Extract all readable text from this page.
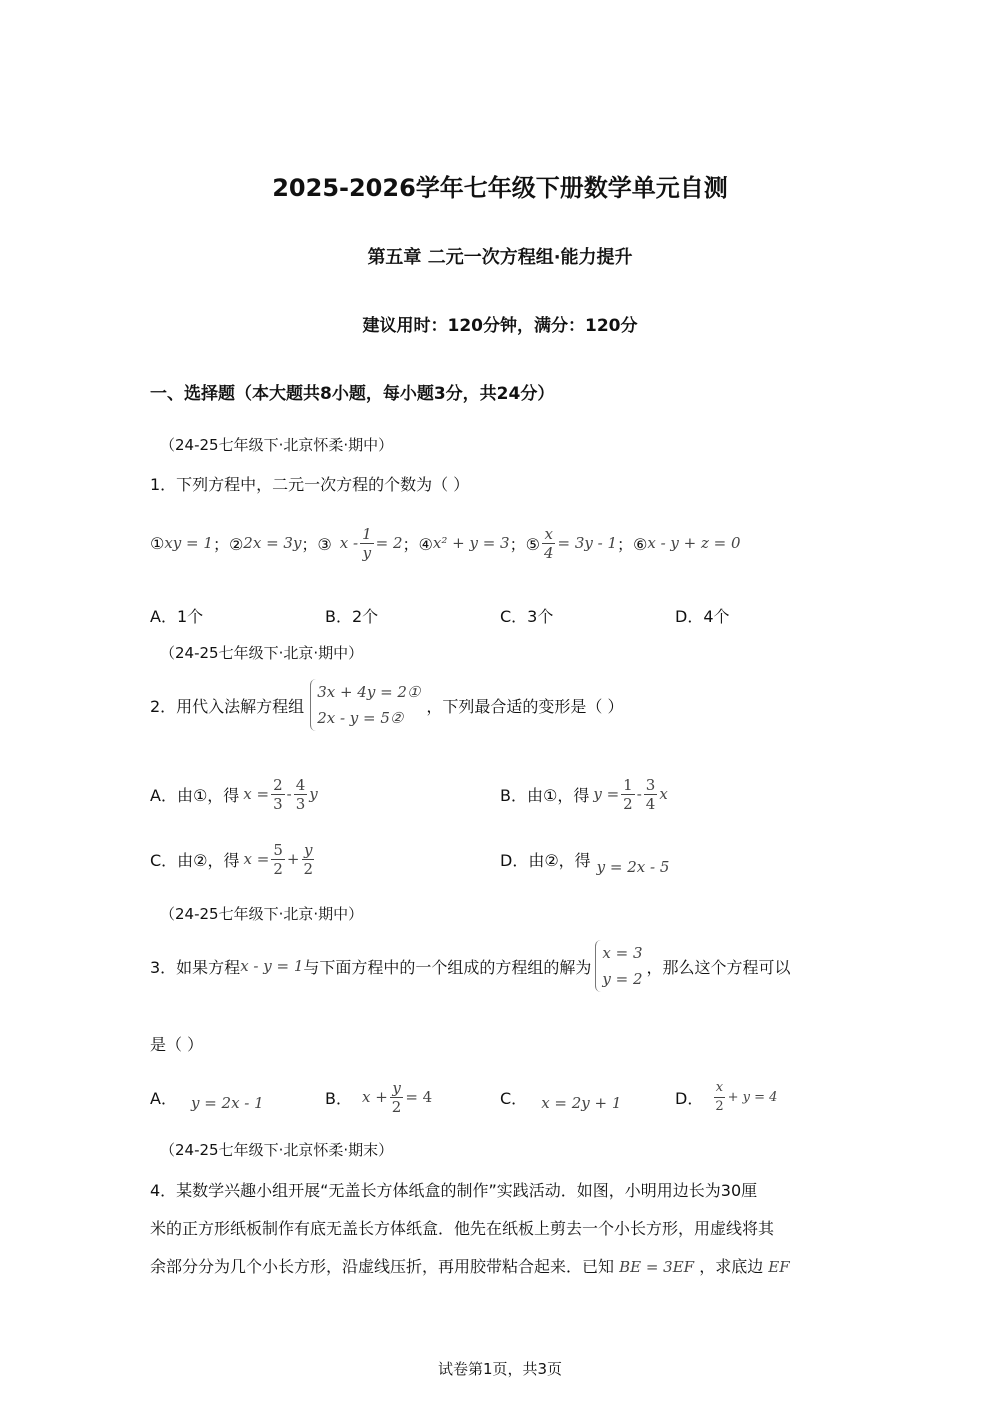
2025-2026学年七年级下册数学单元自测
第五章 二元一次方程组·能力提升
建议用时：120分钟，满分：120分
一、选择题（本大题共8小题，每小题3分，共24分）
（24-25七年级下·北京怀柔·期中）
1．下列方程中，二元一次方程的个数为（ ）
① xy = 1 ；② 2x = 3y ；③ $x - \frac{1}{y} = 2$ ；④ x² + y = 3 ；⑤ $\frac{x}{4} = 3y - 1$ ；⑥ x - y + z = 0
A．1个	B．2个	C．3个	D．4个
（24-25七年级下·北京·期中）
2．用代入法解方程组
3x + 4y = 2①
2x - y = 5②
，下列最合适的变形是（ ）
A．由①，得 $x = \frac{2}{3} - \frac{4}{3}$ y	B．由①，得 $y = \frac{1}{2} - \frac{3}{4}$ x
C．由②，得 $x = \frac{5}{2} + \frac{y}{2}$	D．由②，得 y = 2x - 5
（24-25七年级下·北京·期中）
3．如果方程 x - y = 1 与下面方程中的一个组成的方程组的解为
x = 3
y = 2
，那么这个方程可以
是（ ）
A． y = 2x - 1	B． $x + \frac{y}{2} = 4$	C． x = 2y + 1	D． $\frac{x}{2} + y = 4$
（24-25七年级下·北京怀柔·期末）
4．某数学兴趣小组开展“无盖长方体纸盒的制作”实践活动．如图，小明用边长为30厘
米的正方形纸板制作有底无盖长方体纸盒．他先在纸板上剪去一个小长方形，用虚线将其
余部分分为几个小长方形，沿虚线压折，再用胶带粘合起来．已知 BE = 3EF ，求底边 EF
试卷第1页，共3页
